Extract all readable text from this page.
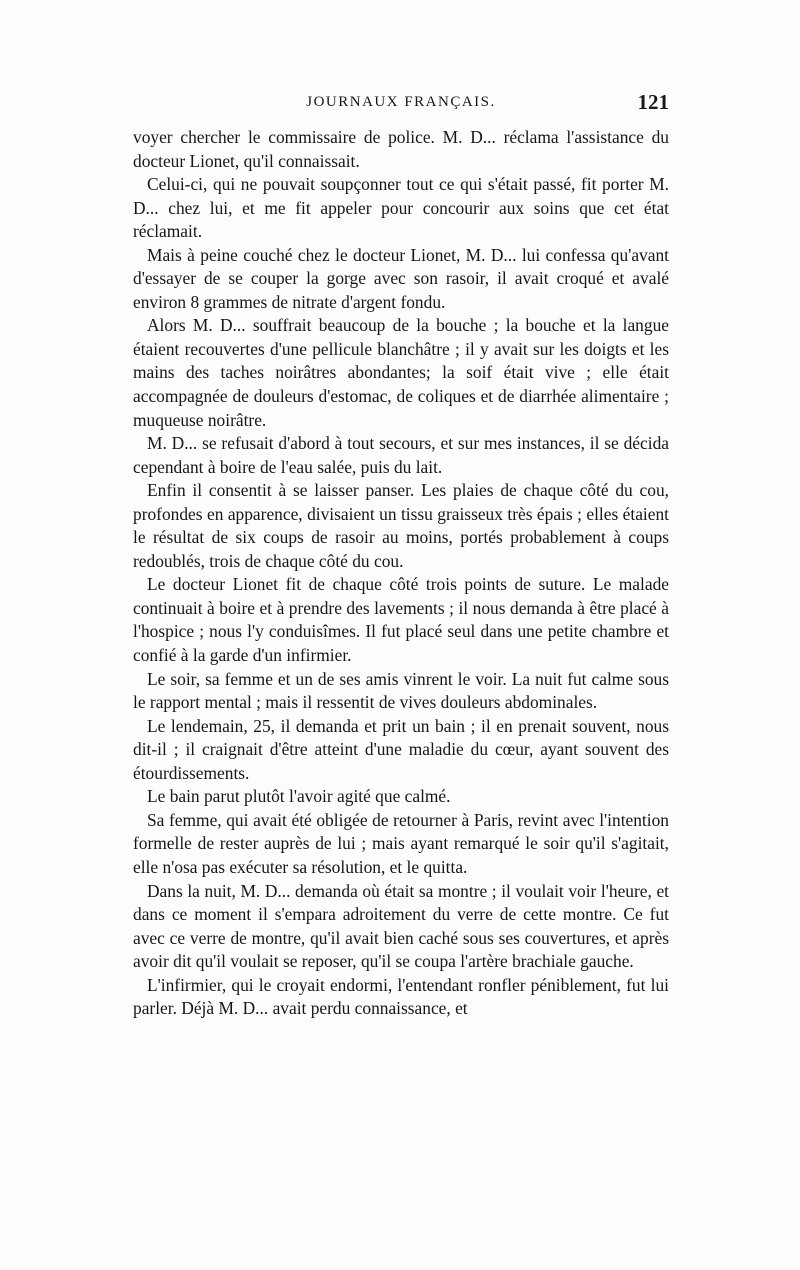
JOURNAUX FRANÇAIS.	121

voyer chercher le commissaire de police. M. D... réclama l'assistance du docteur Lionet, qu'il connaissait.

Celui-ci, qui ne pouvait soupçonner tout ce qui s'était passé, fit porter M. D... chez lui, et me fit appeler pour concourir aux soins que cet état réclamait.

Mais à peine couché chez le docteur Lionet, M. D... lui confessa qu'avant d'essayer de se couper la gorge avec son rasoir, il avait croqué et avalé environ 8 grammes de nitrate d'argent fondu.

Alors M. D... souffrait beaucoup de la bouche ; la bouche et la langue étaient recouvertes d'une pellicule blanchâtre ; il y avait sur les doigts et les mains des taches noirâtres abondantes; la soif était vive ; elle était accompagnée de douleurs d'estomac, de coliques et de diarrhée alimentaire ; muqueuse noirâtre.

M. D... se refusait d'abord à tout secours, et sur mes instances, il se décida cependant à boire de l'eau salée, puis du lait.

Enfin il consentit à se laisser panser. Les plaies de chaque côté du cou, profondes en apparence, divisaient un tissu graisseux très épais ; elles étaient le résultat de six coups de rasoir au moins, portés probablement à coups redoublés, trois de chaque côté du cou.

Le docteur Lionet fit de chaque côté trois points de suture. Le malade continuait à boire et à prendre des lavements ; il nous demanda à être placé à l'hospice ; nous l'y conduisîmes. Il fut placé seul dans une petite chambre et confié à la garde d'un infirmier.

Le soir, sa femme et un de ses amis vinrent le voir. La nuit fut calme sous le rapport mental ; mais il ressentit de vives douleurs abdominales.

Le lendemain, 25, il demanda et prit un bain ; il en prenait souvent, nous dit-il ; il craignait d'être atteint d'une maladie du cœur, ayant souvent des étourdissements.

Le bain parut plutôt l'avoir agité que calmé.

Sa femme, qui avait été obligée de retourner à Paris, revint avec l'intention formelle de rester auprès de lui ; mais ayant remarqué le soir qu'il s'agitait, elle n'osa pas exécuter sa résolution, et le quitta.

Dans la nuit, M. D... demanda où était sa montre ; il voulait voir l'heure, et dans ce moment il s'empara adroitement du verre de cette montre. Ce fut avec ce verre de montre, qu'il avait bien caché sous ses couvertures, et après avoir dit qu'il voulait se reposer, qu'il se coupa l'artère brachiale gauche.

L'infirmier, qui le croyait endormi, l'entendant ronfler péniblement, fut lui parler. Déjà M. D... avait perdu connaissance, et
